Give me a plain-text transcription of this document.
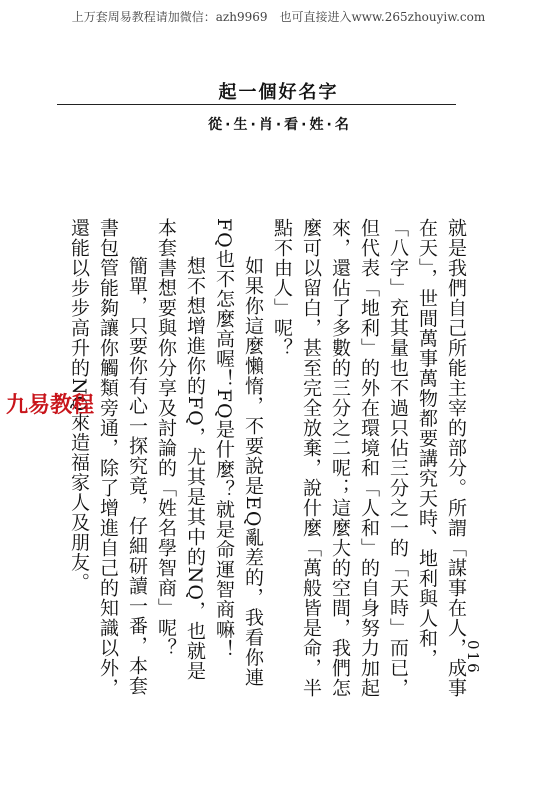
上万套周易教程请加微信：azh9969　也可直接进入www.265zhouyiw.com
起一個好名字
從 · 生 · 肖 · 看 · 姓 · 名

就是我們自己所能主宰的部分。所謂「謀事在人，成事在天」，世間萬事萬物都要講究天時、地利與人和，「八字」充其量也不過只佔三分之一的「天時」而已，但代表「地利」的外在環境和「人和」的自身努力加起來，還佔了多數的三分之二呢；這麼大的空間，我們怎麼可以留白，甚至完全放棄，說什麼「萬般皆是命，半點不由人」呢？

如果你這麼懶惰，不要說是EQ亂差的，我看你連FQ也不怎麼高喔！FQ是什麼？就是命運智商嘛！

想不想增進你的FQ，尤其是其中的NQ，也就是本套書想要與你分享及討論的「姓名學智商」呢？

簡單，只要你有心一探究竟，仔細研讀一番，本套書包管能夠讓你觸類旁通，除了增進自己的知識以外，還能以步步高升的NQ來造福家人及朋友。

016
九易教程
